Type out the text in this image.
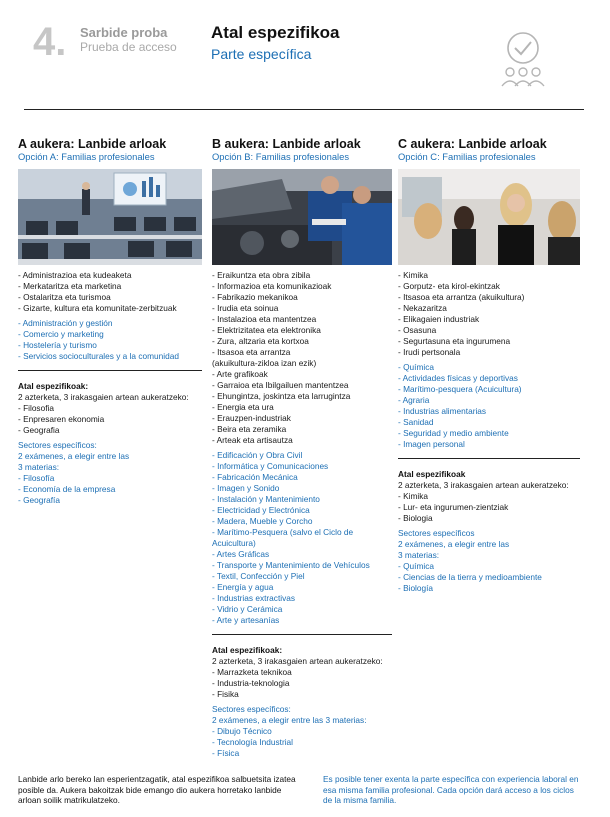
4. Sarbide proba
Prueba de acceso
Atal espezifikoa
Parte específica
A aukera: Lanbide arloak
Opción A: Familias profesionales
- Administrazioa eta kudeaketa
- Merkataritza eta marketina
- Ostalaritza eta turismoa
- Gizarte, kultura eta komunitate-zerbitzuak
- Administración y gestión
- Comercio y marketing
- Hostelería y turismo
- Servicios socioculturales y a la comunidad
Atal espezifikoak:
2 azterketa, 3 irakasgaien artean aukeratzeko:
- Filosofia
- Enpresaren ekonomia
- Geografia
Sectores específicos:
2 exámenes, a elegir entre las
3 materias:
- Filosofía
- Economía de la empresa
- Geografía
B aukera: Lanbide arloak
Opción B: Familias profesionales
- Eraikuntza eta obra zibila
- Informazioa eta komunikazioak
- Fabrikazio mekanikoa
- Irudia eta soinua
- Instalazioa eta mantentzea
- Elektrizitatea eta elektronika
- Zura, altzaria eta kortxoa
- Itsasoa eta arrantza
(akuikultura-zikloa izan ezik)
- Arte grafikoak
- Garraioa eta Ibilgailuen mantentzea
- Ehungintza, joskintza eta larrugintza
- Energia eta ura
- Erauzpen-industriak
- Beira eta zeramika
- Arteak eta artisautza
- Edificación y Obra Civil
- Informática y Comunicaciones
- Fabricación Mecánica
- Imagen y Sonido
- Instalación y Mantenimiento
- Electricidad y Electrónica
- Madera, Mueble y Corcho
- Marítimo-Pesquera (salvo el Ciclo de
Acuicultura)
- Artes Gráficas
- Transporte y Mantenimiento de Vehículos
- Textil, Confección y Piel
- Energía y agua
- Industrias extractivas
- Vidrio y Cerámica
- Arte y artesanías
Atal espezifikoak:
2 azterketa, 3 irakasgaien artean aukeratzeko:
- Marrazketa teknikoa
- Industria-teknologia
- Fisika
Sectores específicos:
2 exámenes, a elegir entre las 3 materias:
- Dibujo Técnico
- Tecnología Industrial
- Física
C aukera: Lanbide arloak
Opción C: Familias profesionales
- Kimika
- Gorputz- eta kirol-ekintzak
- Itsasoa eta arrantza (akuikultura)
- Nekazaritza
- Elikagaien industriak
- Osasuna
- Segurtasuna eta ingurumena
- Irudi pertsonala
- Química
- Actividades físicas y deportivas
- Marítimo-pesquera (Acuicultura)
- Agraria
- Industrias alimentarias
- Sanidad
- Seguridad y medio ambiente
- Imagen personal
Atal espezifikoak
2 azterketa, 3 irakasgaien artean aukeratzeko:
- Kimika
- Lur- eta ingurumen-zientziak
- Biologia
Sectores específicos
2 exámenes, a elegir entre las
3 materias:
- Química
- Ciencias de la tierra y medioambiente
- Biología
Lanbide arlo bereko lan esperientzagatik, atal espezifikoa salbuetsita izatea posible da. Aukera bakoitzak bide emango dio aukera horretako lanbide arloan soilik matrikulatzeko.
Es posible tener exenta la parte específica con experiencia laboral en esa misma familia profesional. Cada opción dará acceso a los ciclos de la misma familia.
